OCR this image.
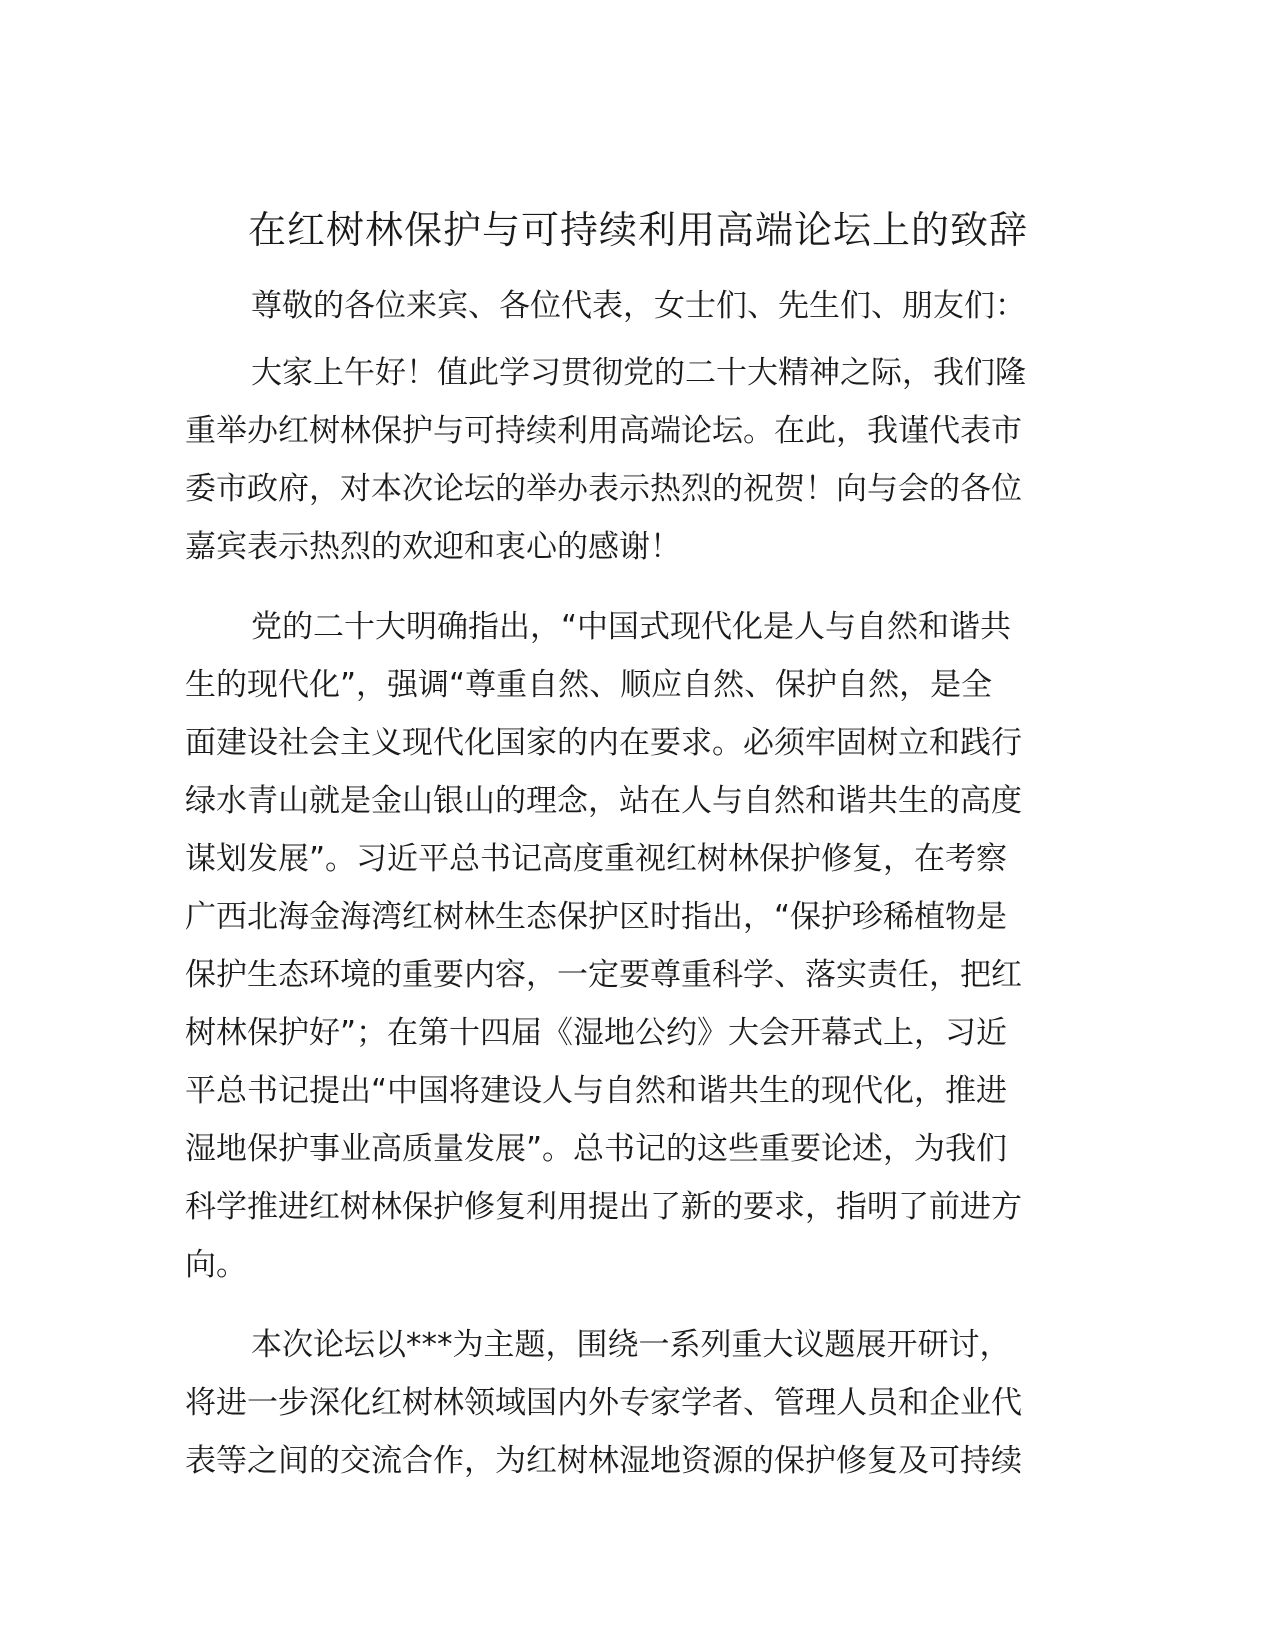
在红树林保护与可持续利用高端论坛上的致辞

尊敬的各位来宾、各位代表，女士们、先生们、朋友们：

大家上午好！值此学习贯彻党的二十大精神之际，我们隆
重举办红树林保护与可持续利用高端论坛。在此，我谨代表市
委市政府，对本次论坛的举办表示热烈的祝贺！向与会的各位
嘉宾表示热烈的欢迎和衷心的感谢！
党的二十大明确指出，“中国式现代化是人与自然和谐共
生的现代化”，强调“尊重自然、顺应自然、保护自然，是全
面建设社会主义现代化国家的内在要求。必须牢固树立和践行
绿水青山就是金山银山的理念，站在人与自然和谐共生的高度
谋划发展”。习近平总书记高度重视红树林保护修复，在考察
广西北海金海湾红树林生态保护区时指出，“保护珍稀植物是
保护生态环境的重要内容，一定要尊重科学、落实责任，把红
树林保护好”；在第十四届《湿地公约》大会开幕式上，习近
平总书记提出“中国将建设人与自然和谐共生的现代化，推进
湿地保护事业高质量发展”。总书记的这些重要论述，为我们
科学推进红树林保护修复利用提出了新的要求，指明了前进方
向。
本次论坛以***为主题，围绕一系列重大议题展开研讨，
将进一步深化红树林领域国内外专家学者、管理人员和企业代
表等之间的交流合作，为红树林湿地资源的保护修复及可持续
